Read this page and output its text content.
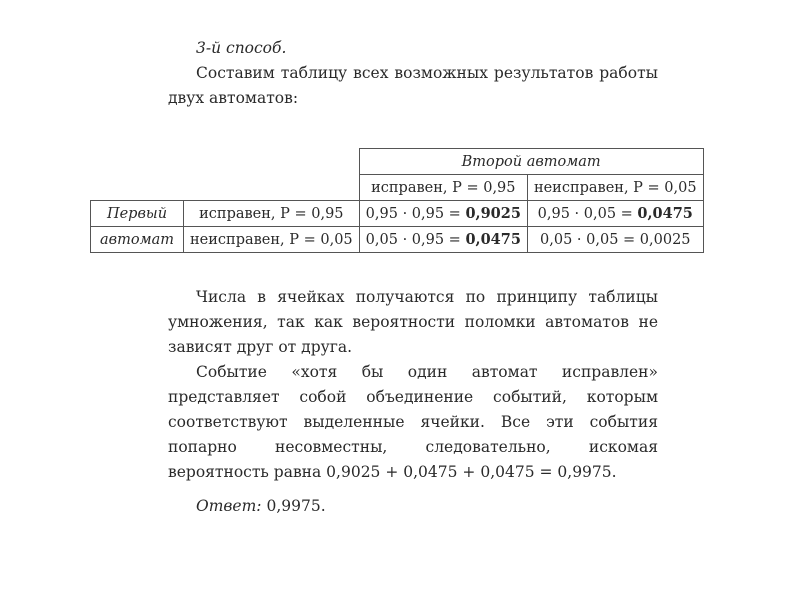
3-й способ.

Составим таблицу всех возможных результатов работы двух автоматов:

		Второй автомат	
		исправен, P = 0,95	неисправен, P = 0,05
Первый	исправен, P = 0,95	0,95 · 0,95 = 0,9025	0,95 · 0,05 = 0,0475
автомат	неисправен, P = 0,05	0,05 · 0,95 = 0,0475	0,05 · 0,05 = 0,0025

Числа в ячейках получаются по принципу таблицы умножения, так как вероятности поломки автоматов не зависят друг от друга.

Событие «хотя бы один автомат исправлен» представляет собой объединение событий, которым соответствуют выделенные ячейки. Все эти события попарно несовместны, следовательно, искомая вероятность равна 0,9025 + 0,0475 + 0,0475 = 0,9975.

Ответ: 0,9975.
